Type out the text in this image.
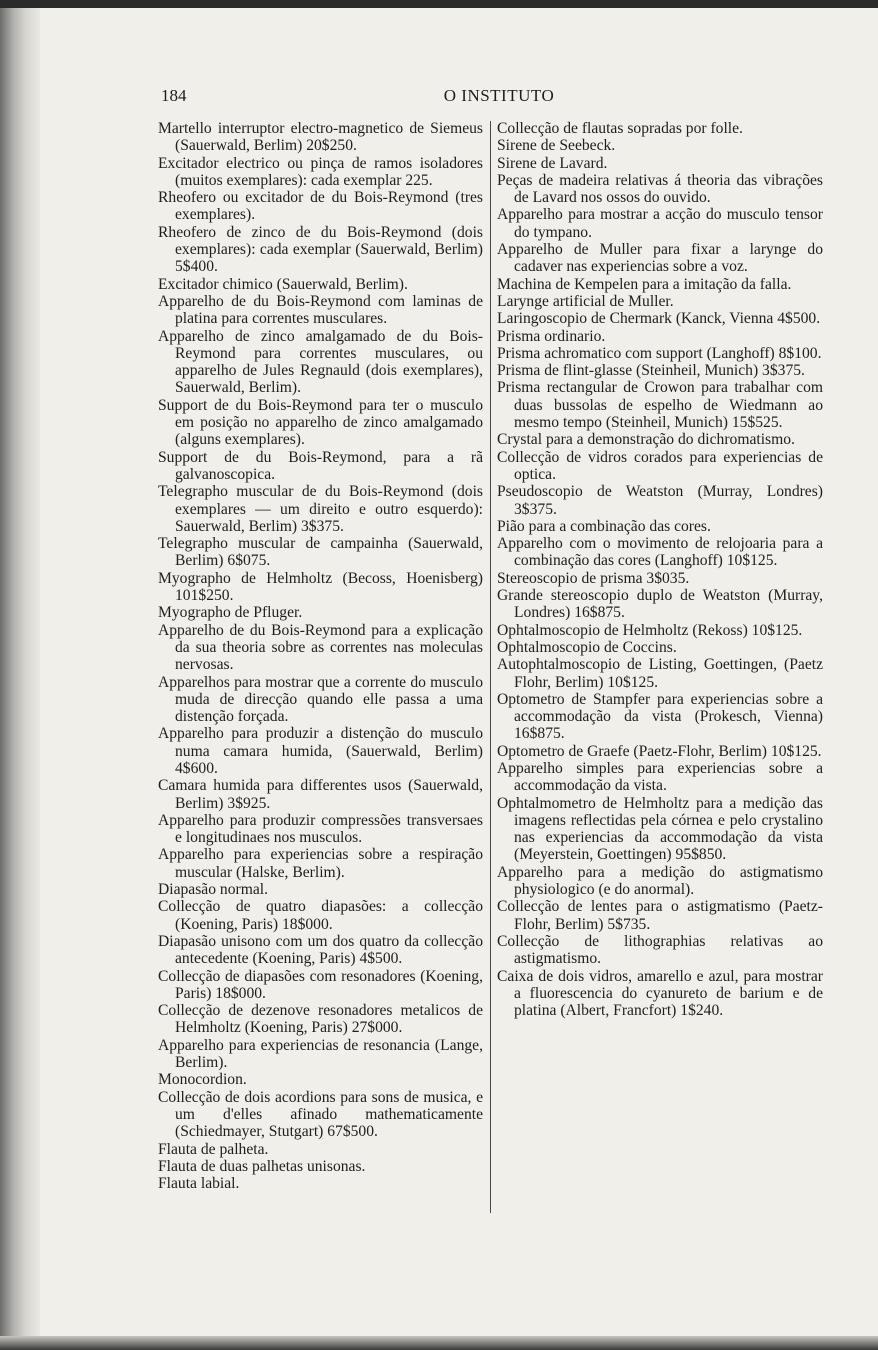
184	O INSTITUTO

Martello interruptor electro-magnetico de Siemeus (Sauerwald, Berlim) 20$250.

Excitador electrico ou pinça de ramos isoladores (muitos exemplares): cada exemplar 225.

Rheofero ou excitador de du Bois-Reymond (tres exemplares).

Rheofero de zinco de du Bois-Reymond (dois exemplares): cada exemplar (Sauerwald, Berlim) 5$400.

Excitador chimico (Sauerwald, Berlim).

Apparelho de du Bois-Reymond com laminas de platina para correntes musculares.

Apparelho de zinco amalgamado de du Bois-Reymond para correntes musculares, ou apparelho de Jules Regnauld (dois exemplares), Sauerwald, Berlim).

Support de du Bois-Reymond para ter o musculo em posição no apparelho de zinco amalgamado (alguns exemplares).

Support de du Bois-Reymond, para a rã galvanoscopica.

Telegrapho muscular de du Bois-Reymond (dois exemplares — um direito e outro esquerdo): Sauerwald, Berlim) 3$375.

Telegrapho muscular de campainha (Sauerwald, Berlim) 6$075.

Myographo de Helmholtz (Becoss, Hoenisberg) 101$250.

Myographo de Pfluger.

Apparelho de du Bois-Reymond para a explicação da sua theoria sobre as correntes nas moleculas nervosas.

Apparelhos para mostrar que a corrente do musculo muda de direcção quando elle passa a uma distenção forçada.

Apparelho para produzir a distenção do musculo numa camara humida, (Sauerwald, Berlim) 4$600.

Camara humida para differentes usos (Sauerwald, Berlim) 3$925.

Apparelho para produzir compressões transversaes e longitudinaes nos musculos.

Apparelho para experiencias sobre a respiração muscular (Halske, Berlim).

Diapasão normal.

Collecção de quatro diapasões: a collecção (Koening, Paris) 18$000.

Diapasão unisono com um dos quatro da collecção antecedente (Koening, Paris) 4$500.

Collecção de diapasões com resonadores (Koening, Paris) 18$000.

Collecção de dezenove resonadores metalicos de Helmholtz (Koening, Paris) 27$000.

Apparelho para experiencias de resonancia (Lange, Berlim).

Monocordion.

Collecção de dois acordions para sons de musica, e um d'elles afinado mathematicamente (Schiedmayer, Stutgart) 67$500.

Flauta de palheta.

Flauta de duas palhetas unisonas.

Flauta labial.

Collecção de flautas sopradas por folle.

Sirene de Seebeck.

Sirene de Lavard.

Peças de madeira relativas á theoria das vibrações de Lavard nos ossos do ouvido.

Apparelho para mostrar a acção do musculo tensor do tympano.

Apparelho de Muller para fixar a larynge do cadaver nas experiencias sobre a voz.

Machina de Kempelen para a imitação da falla.

Larynge artificial de Muller.

Laringoscopio de Chermark (Kanck, Vienna 4$500.

Prisma ordinario.

Prisma achromatico com support (Langhoff) 8$100.

Prisma de flint-glasse (Steinheil, Munich) 3$375.

Prisma rectangular de Crowon para trabalhar com duas bussolas de espelho de Wiedmann ao mesmo tempo (Steinheil, Munich) 15$525.

Crystal para a demonstração do dichromatismo.

Collecção de vidros corados para experiencias de optica.

Pseudoscopio de Weatston (Murray, Londres) 3$375.

Pião para a combinação das cores.

Apparelho com o movimento de relojoaria para a combinação das cores (Langhoff) 10$125.

Stereoscopio de prisma 3$035.

Grande stereoscopio duplo de Weatston (Murray, Londres) 16$875.

Ophtalmoscopio de Helmholtz (Rekoss) 10$125.

Ophtalmoscopio de Coccins.

Autophtalmoscopio de Listing, Goettingen, (Paetz Flohr, Berlim) 10$125.

Optometro de Stampfer para experiencias sobre a accommodação da vista (Prokesch, Vienna) 16$875.

Optometro de Graefe (Paetz-Flohr, Berlim) 10$125.

Apparelho simples para experiencias sobre a accommodação da vista.

Ophtalmometro de Helmholtz para a medição das imagens reflectidas pela córnea e pelo crystalino nas experiencias da accommodação da vista (Meyerstein, Goettingen) 95$850.

Apparelho para a medição do astigmatismo physiologico (e do anormal).

Collecção de lentes para o astigmatismo (Paetz-Flohr, Berlim) 5$735.

Collecção de lithographias relativas ao astigmatismo.

Caixa de dois vidros, amarello e azul, para mostrar a fluorescencia do cyanureto de barium e de platina (Albert, Francfort) 1$240.
